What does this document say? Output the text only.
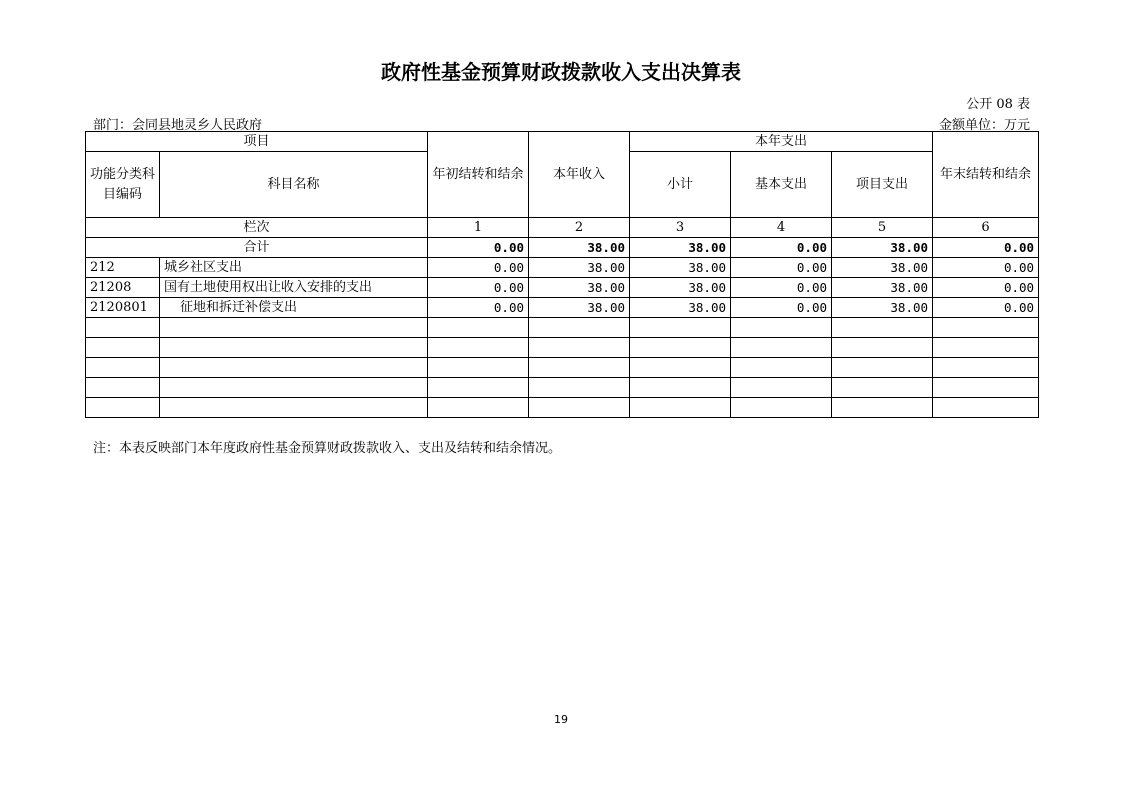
政府性基金预算财政拨款收入支出决算表
公开 08 表
部门：会同县地灵乡人民政府	金额单位：万元
项目		年初结转和结余	本年收入	本年支出			年末结转和结余
功能分类科目编码	科目名称			小计	基本支出	项目支出	
栏次		1	2	3	4	5	6
合计		0.00	38.00	38.00	0.00	38.00	0.00
212	城乡社区支出	0.00	38.00	38.00	0.00	38.00	0.00
21208	国有土地使用权出让收入安排的支出	0.00	38.00	38.00	0.00	38.00	0.00
2120801	征地和拆迁补偿支出	0.00	38.00	38.00	0.00	38.00	0.00

注：本表反映部门本年度政府性基金预算财政拨款收入、支出及结转和结余情况。
19
